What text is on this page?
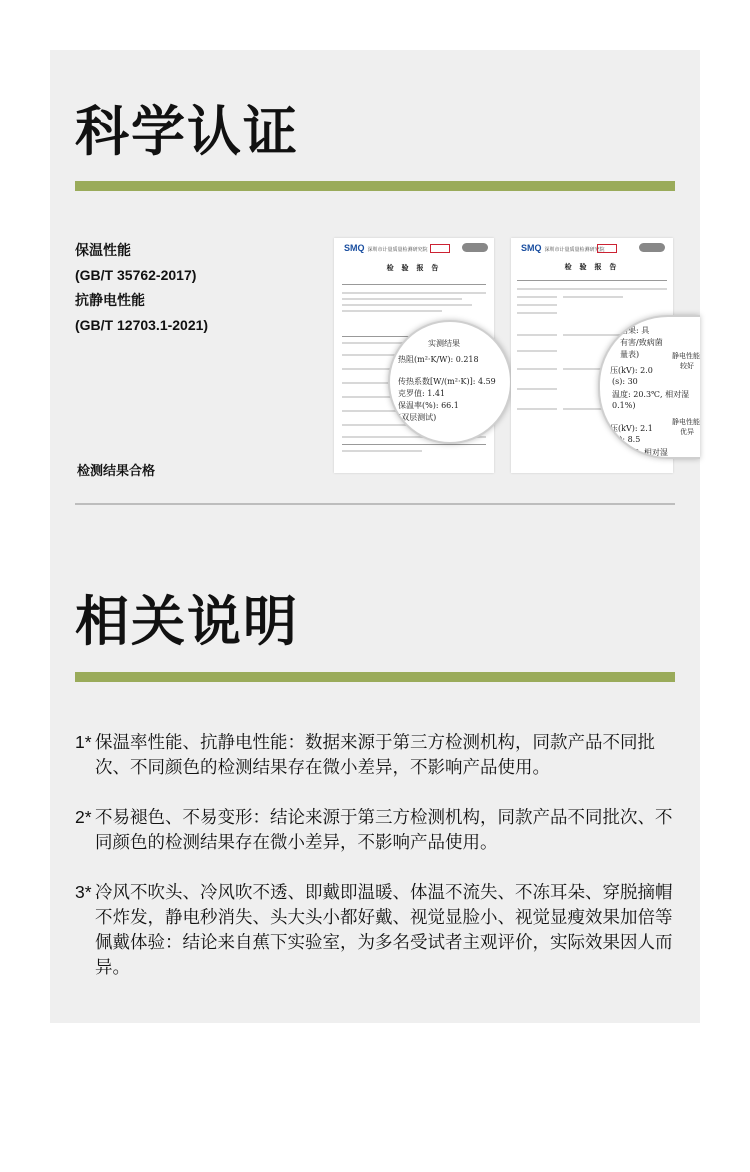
科学认证
保温性能
(GB/T 35762-2017)
抗静电性能
(GB/T 12703.1-2021)
SMQ 深圳市计量质量检测研究院
检 验 报 告
实测结果
热阻(m²·K/W): 0.218
传热系数[W/(m²·K)]: 4.59
克罗值: 1.41
保温率(%): 66.1
(双层测试)
SMQ 深圳市计量质量检测研究院
检 验 报 告
结果: 具
有害/致病菌
量表)	静电性能
较好
压(kV): 2.0
(s): 30
温度: 20.3℃, 相对湿
0.1%)
静电性能
优异
压(kV): 2.1
(s): 8.5
20.3℃, 相对湿
检测结果合格
相关说明
1* 保温率性能、抗静电性能：数据来源于第三方检测机构，同款产品不同批次、不同颜色的检测结果存在微小差异，不影响产品使用。
2* 不易褪色、不易变形：结论来源于第三方检测机构，同款产品不同批次、不同颜色的检测结果存在微小差异，不影响产品使用。
3* 冷风不吹头、冷风吹不透、即戴即温暖、体温不流失、不冻耳朵、穿脱摘帽不炸发，静电秒消失、头大头小都好戴、视觉显脸小、视觉显瘦效果加倍等佩戴体验：结论来自蕉下实验室，为多名受试者主观评价，实际效果因人而异。
